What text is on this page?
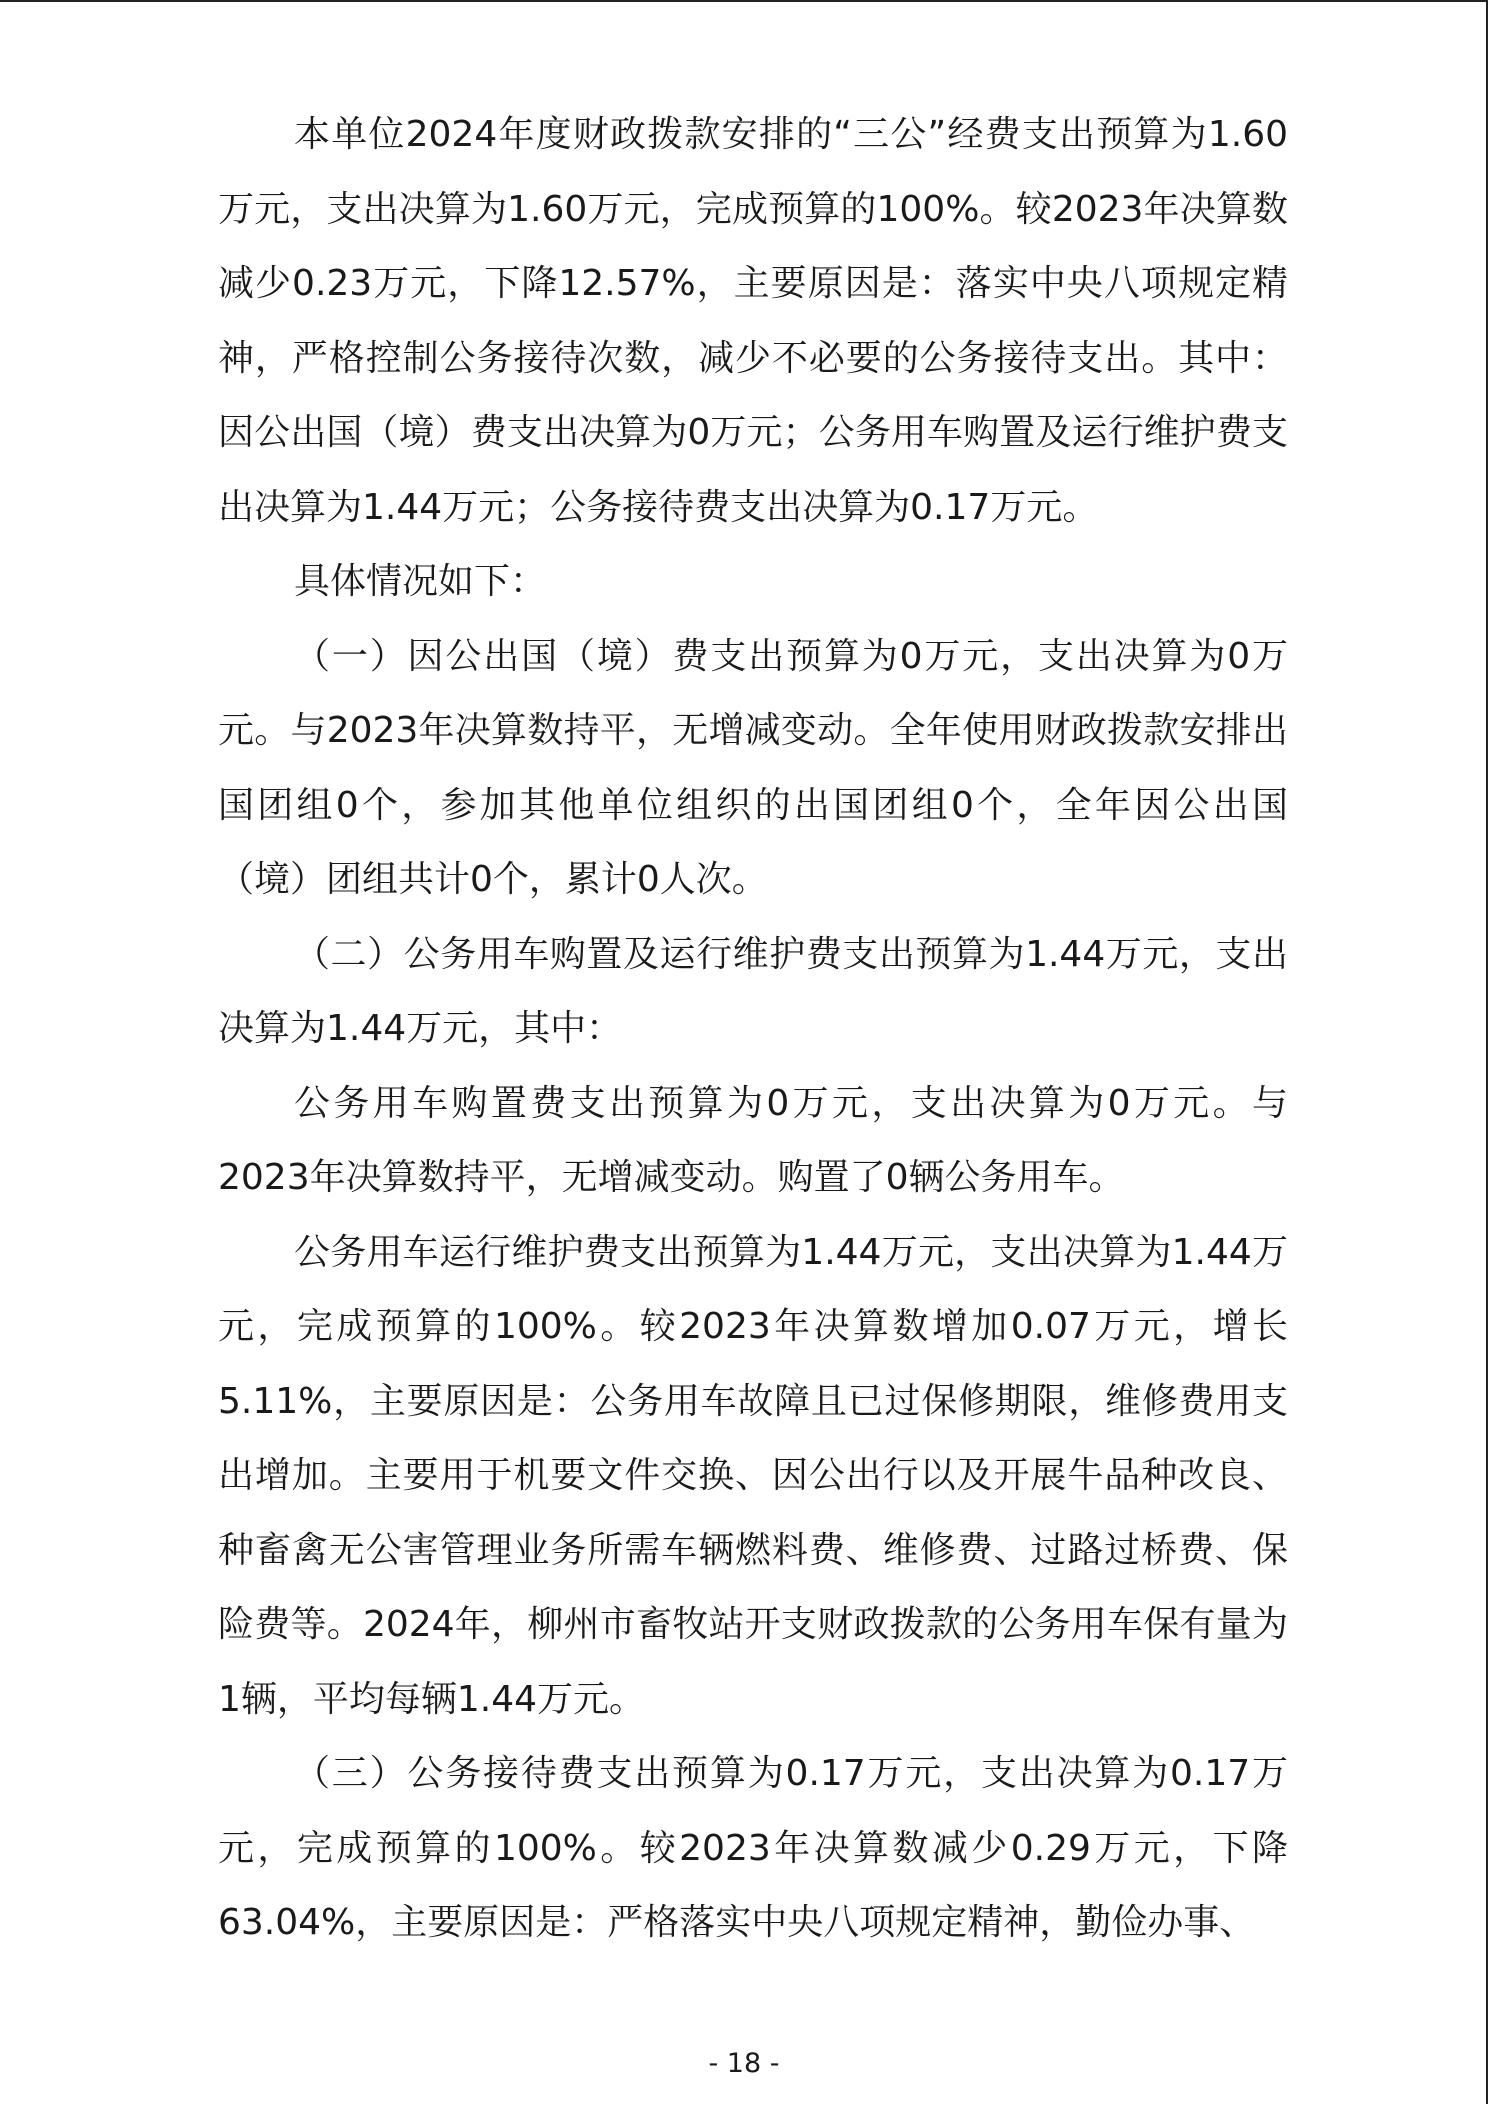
本单位2024年度财政拨款安排的“三公”经费支出预算为1.60万元，支出决算为1.60万元，完成预算的100%。较2023年决算数减少0.23万元，下降12.57%，主要原因是：落实中央八项规定精神，严格控制公务接待次数，减少不必要的公务接待支出。其中：因公出国（境）费支出决算为0万元；公务用车购置及运行维护费支出决算为1.44万元；公务接待费支出决算为0.17万元。

具体情况如下：

（一）因公出国（境）费支出预算为0万元，支出决算为0万元。与2023年决算数持平，无增减变动。全年使用财政拨款安排出国团组0个，参加其他单位组织的出国团组0个，全年因公出国（境）团组共计0个，累计0人次。

（二）公务用车购置及运行维护费支出预算为1.44万元，支出决算为1.44万元，其中：

公务用车购置费支出预算为0万元，支出决算为0万元。与2023年决算数持平，无增减变动。购置了0辆公务用车。

公务用车运行维护费支出预算为1.44万元，支出决算为1.44万元，完成预算的100%。较2023年决算数增加0.07万元，增长5.11%，主要原因是：公务用车故障且已过保修期限，维修费用支出增加。主要用于机要文件交换、因公出行以及开展牛品种改良、种畜禽无公害管理业务所需车辆燃料费、维修费、过路过桥费、保险费等。2024年，柳州市畜牧站开支财政拨款的公务用车保有量为1辆，平均每辆1.44万元。

（三）公务接待费支出预算为0.17万元，支出决算为0.17万元，完成预算的100%。较2023年决算数减少0.29万元，下降63.04%，主要原因是：严格落实中央八项规定精神，勤俭办事、

- 18 -
